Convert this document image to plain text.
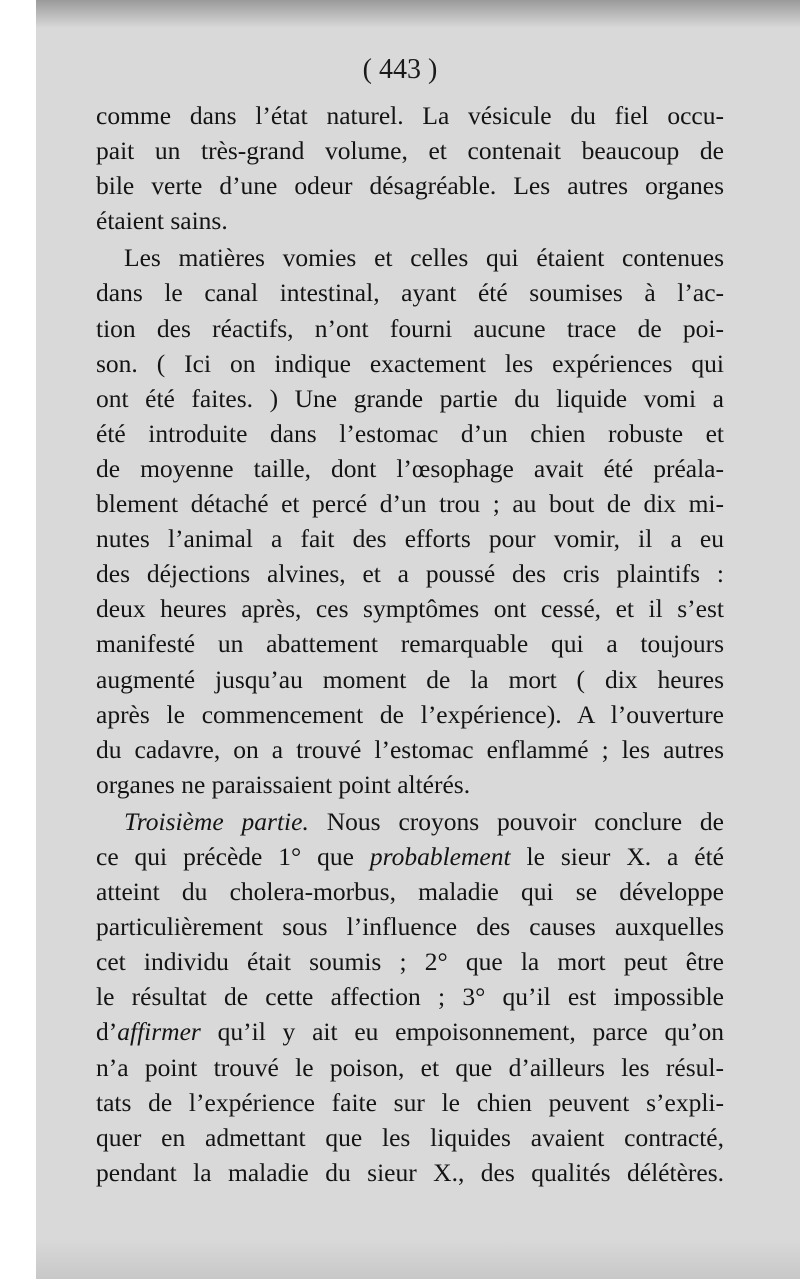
( 443 )
comme dans l’état naturel. La vésicule du fiel occu-
pait un très-grand volume, et contenait beaucoup de
bile verte d’une odeur désagréable. Les autres organes
étaient sains.
Les matières vomies et celles qui étaient contenues
dans le canal intestinal, ayant été soumises à l’ac-
tion des réactifs, n’ont fourni aucune trace de poi-
son. ( Ici on indique exactement les expériences qui
ont été faites. ) Une grande partie du liquide vomi a
été introduite dans l’estomac d’un chien robuste et
de moyenne taille, dont l’œsophage avait été préala-
blement détaché et percé d’un trou ; au bout de dix mi-
nutes l’animal a fait des efforts pour vomir, il a eu
des déjections alvines, et a poussé des cris plaintifs :
deux heures après, ces symptômes ont cessé, et il s’est
manifesté un abattement remarquable qui a toujours
augmenté jusqu’au moment de la mort ( dix heures
après le commencement de l’expérience). A l’ouverture
du cadavre, on a trouvé l’estomac enflammé ; les autres
organes ne paraissaient point altérés.
Troisième partie. Nous croyons pouvoir conclure de
ce qui précède 1° que probablement le sieur X. a été
atteint du cholera-morbus, maladie qui se développe
particulièrement sous l’influence des causes auxquelles
cet individu était soumis ; 2° que la mort peut être
le résultat de cette affection ; 3° qu’il est impossible
d’affirmer qu’il y ait eu empoisonnement, parce qu’on
n’a point trouvé le poison, et que d’ailleurs les résul-
tats de l’expérience faite sur le chien peuvent s’expli-
quer en admettant que les liquides avaient contracté,
pendant la maladie du sieur X., des qualités délétères.
